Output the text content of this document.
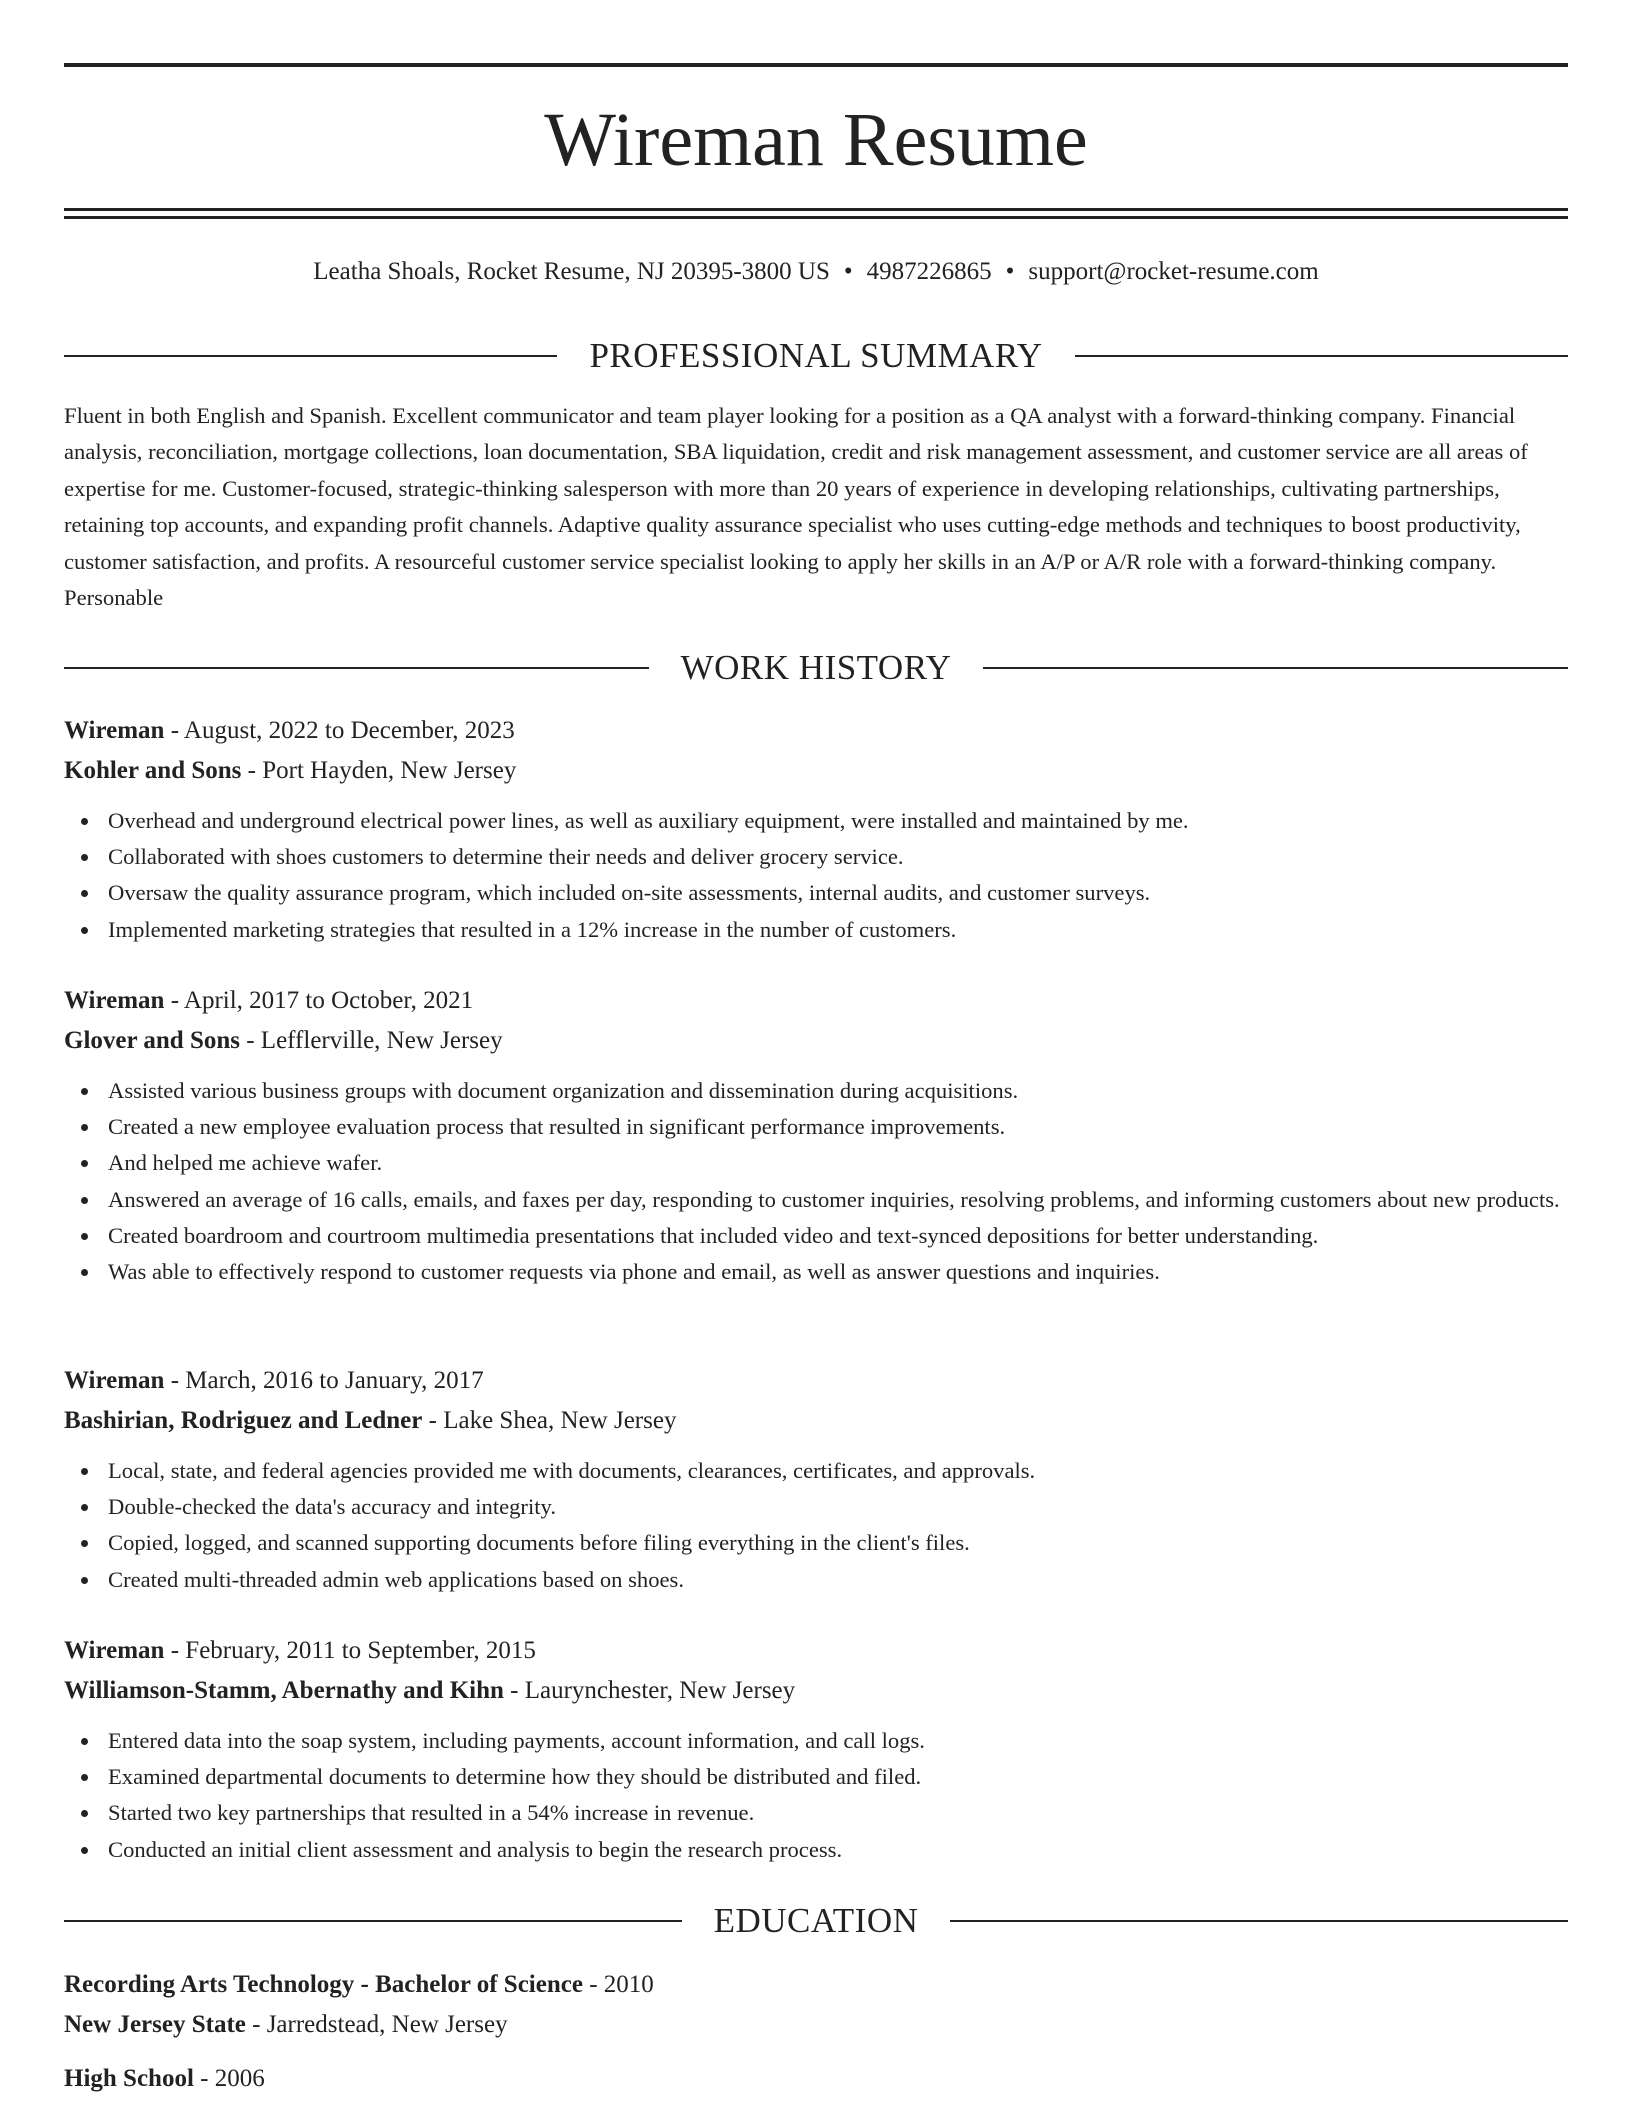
Wireman Resume
Leatha Shoals, Rocket Resume, NJ 20395-3800 US • 4987226865 • support@rocket-resume.com
PROFESSIONAL SUMMARY

Fluent in both English and Spanish. Excellent communicator and team player looking for a position as a QA analyst with a forward-thinking company. Financial analysis, reconciliation, mortgage collections, loan documentation, SBA liquidation, credit and risk management assessment, and customer service are all areas of expertise for me. Customer-focused, strategic-thinking salesperson with more than 20 years of experience in developing relationships, cultivating partnerships, retaining top accounts, and expanding profit channels. Adaptive quality assurance specialist who uses cutting-edge methods and techniques to boost productivity, customer satisfaction, and profits. A resourceful customer service specialist looking to apply her skills in an A/P or A/R role with a forward-thinking company. Personable

WORK HISTORY

Wireman - August, 2022 to December, 2023

Kohler and Sons - Port Hayden, New Jersey

Overhead and underground electrical power lines, as well as auxiliary equipment, were installed and maintained by me.
Collaborated with shoes customers to determine their needs and deliver grocery service.
Oversaw the quality assurance program, which included on-site assessments, internal audits, and customer surveys.
Implemented marketing strategies that resulted in a 12% increase in the number of customers.

Wireman - April, 2017 to October, 2021

Glover and Sons - Lefflerville, New Jersey

Assisted various business groups with document organization and dissemination during acquisitions.
Created a new employee evaluation process that resulted in significant performance improvements.
And helped me achieve wafer.
Answered an average of 16 calls, emails, and faxes per day, responding to customer inquiries, resolving problems, and informing customers about new products.
Created boardroom and courtroom multimedia presentations that included video and text-synced depositions for better understanding.
Was able to effectively respond to customer requests via phone and email, as well as answer questions and inquiries.

Wireman - March, 2016 to January, 2017

Bashirian, Rodriguez and Ledner - Lake Shea, New Jersey

Local, state, and federal agencies provided me with documents, clearances, certificates, and approvals.
Double-checked the data's accuracy and integrity.
Copied, logged, and scanned supporting documents before filing everything in the client's files.
Created multi-threaded admin web applications based on shoes.

Wireman - February, 2011 to September, 2015

Williamson-Stamm, Abernathy and Kihn - Laurynchester, New Jersey

Entered data into the soap system, including payments, account information, and call logs.
Examined departmental documents to determine how they should be distributed and filed.
Started two key partnerships that resulted in a 54% increase in revenue.
Conducted an initial client assessment and analysis to begin the research process.
EDUCATION

Recording Arts Technology - Bachelor of Science - 2010

New Jersey State - Jarredstead, New Jersey

High School - 2006
